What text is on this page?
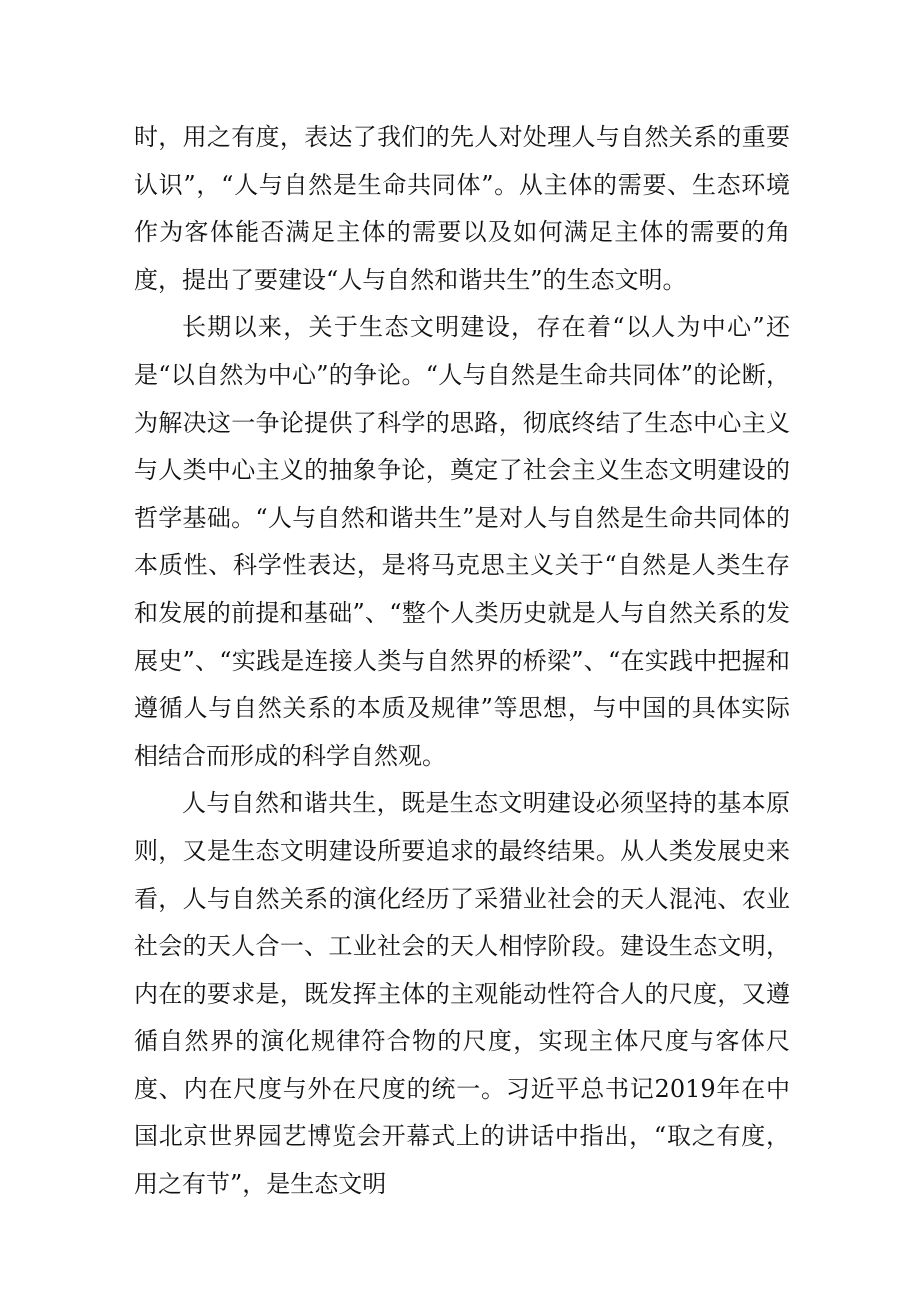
时，用之有度，表达了我们的先人对处理人与自然关系的重要认识”，“人与自然是生命共同体”。从主体的需要、生态环境作为客体能否满足主体的需要以及如何满足主体的需要的角度，提出了要建设“人与自然和谐共生”的生态文明。

长期以来，关于生态文明建设，存在着“以人为中心”还是“以自然为中心”的争论。“人与自然是生命共同体”的论断，为解决这一争论提供了科学的思路，彻底终结了生态中心主义与人类中心主义的抽象争论，奠定了社会主义生态文明建设的哲学基础。“人与自然和谐共生”是对人与自然是生命共同体的本质性、科学性表达，是将马克思主义关于“自然是人类生存和发展的前提和基础”、“整个人类历史就是人与自然关系的发展史”、“实践是连接人类与自然界的桥梁”、“在实践中把握和遵循人与自然关系的本质及规律”等思想，与中国的具体实际相结合而形成的科学自然观。

人与自然和谐共生，既是生态文明建设必须坚持的基本原则，又是生态文明建设所要追求的最终结果。从人类发展史来看，人与自然关系的演化经历了采猎业社会的天人混沌、农业社会的天人合一、工业社会的天人相悖阶段。建设生态文明，内在的要求是，既发挥主体的主观能动性符合人的尺度，又遵循自然界的演化规律符合物的尺度，实现主体尺度与客体尺度、内在尺度与外在尺度的统一。习近平总书记2019年在中国北京世界园艺博览会开幕式上的讲话中指出，“取之有度，用之有节”，是生态文明
